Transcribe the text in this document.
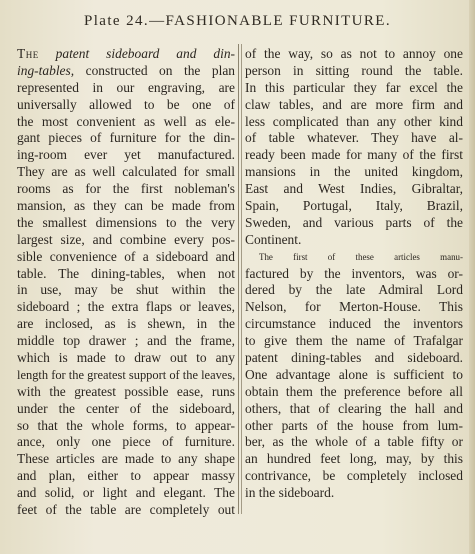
Plate 24.—FASHIONABLE FURNITURE.
The patent sideboard and din-
ing-tables, constructed on the plan
represented in our engraving, are
universally allowed to be one of
the most convenient as well as ele-
gant pieces of furniture for the din-
ing-room ever yet manufactured.
They are as well calculated for small
rooms as for the first nobleman's
mansion, as they can be made from
the smallest dimensions to the very
largest size, and combine every pos-
sible convenience of a sideboard and
table. The dining-tables, when not
in use, may be shut within the
sideboard ; the extra flaps or leaves,
are inclosed, as is shewn, in the
middle top drawer ; and the frame,
which is made to draw out to any
length for the greatest support of the leaves,
with the greatest possible ease, runs
under the center of the sideboard,
so that the whole forms, to appear-
ance, only one piece of furniture.
These articles are made to any shape
and plan, either to appear massy
and solid, or light and elegant. The
feet of the table are completely out
of the way, so as not to annoy one
person in sitting round the table.
In this particular they far excel the
claw tables, and are more firm and
less complicated than any other kind
of table whatever. They have al-
ready been made for many of the first
mansions in the united kingdom,
East and West Indies, Gibraltar,
Spain, Portugal, Italy, Brazil,
Sweden, and various parts of the
Continent.
The first of these articles manu-
factured by the inventors, was or-
dered by the late Admiral Lord
Nelson, for Merton-House. This
circumstance induced the inventors
to give them the name of Trafalgar
patent dining-tables and sideboard.
One advantage alone is sufficient to
obtain them the preference before all
others, that of clearing the hall and
other parts of the house from lum-
ber, as the whole of a table fifty or
an hundred feet long, may, by this
contrivance, be completely inclosed
in the sideboard.
